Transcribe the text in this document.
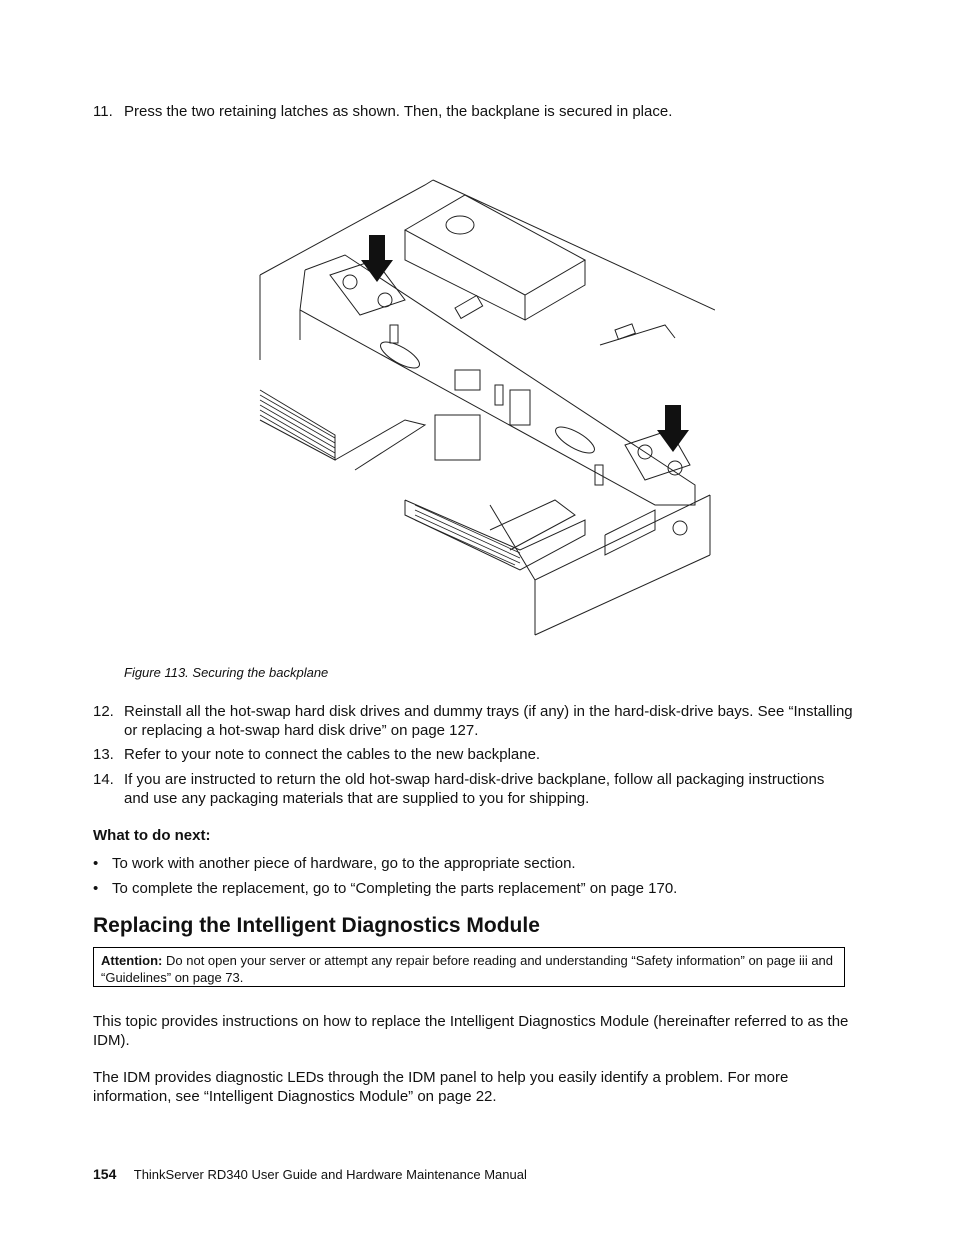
11. Press the two retaining latches as shown. Then, the backplane is secured in place.
Figure 113. Securing the backplane
12. Reinstall all the hot-swap hard disk drives and dummy trays (if any) in the hard-disk-drive bays. See “Installing or replacing a hot-swap hard disk drive” on page 127.
13. Refer to your note to connect the cables to the new backplane.
14. If you are instructed to return the old hot-swap hard-disk-drive backplane, follow all packaging instructions and use any packaging materials that are supplied to you for shipping.
What to do next:
• To work with another piece of hardware, go to the appropriate section.
• To complete the replacement, go to “Completing the parts replacement” on page 170.
Replacing the Intelligent Diagnostics Module
Attention: Do not open your server or attempt any repair before reading and understanding “Safety information” on page iii and “Guidelines” on page 73.
This topic provides instructions on how to replace the Intelligent Diagnostics Module (hereinafter referred to as the IDM).
The IDM provides diagnostic LEDs through the IDM panel to help you easily identify a problem. For more information, see “Intelligent Diagnostics Module” on page 22.
154 ThinkServer RD340 User Guide and Hardware Maintenance Manual
